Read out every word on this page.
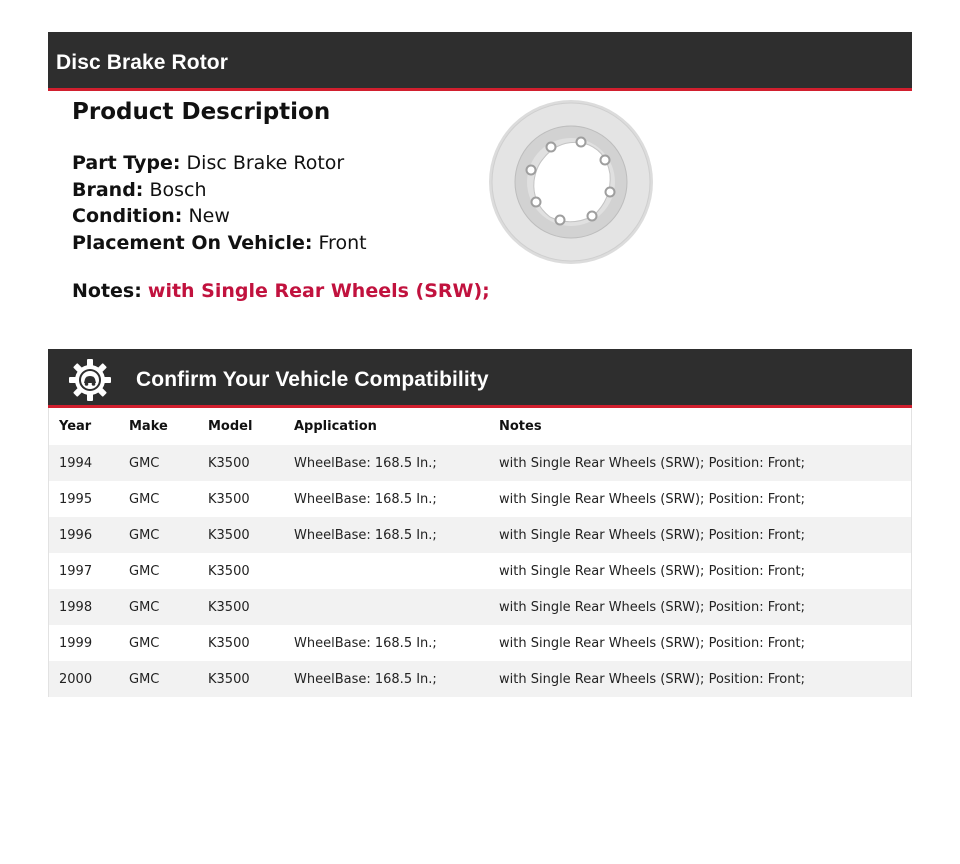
Disc Brake Rotor
Product Description
Part Type: Disc Brake Rotor
Brand: Bosch
Condition: New
Placement On Vehicle: Front
Notes: with Single Rear Wheels (SRW);
Confirm Your Vehicle Compatibility
Year	Make	Model	Application	Notes
1994	GMC	K3500	WheelBase: 168.5 In.;	with Single Rear Wheels (SRW); Position: Front;
1995	GMC	K3500	WheelBase: 168.5 In.;	with Single Rear Wheels (SRW); Position: Front;
1996	GMC	K3500	WheelBase: 168.5 In.;	with Single Rear Wheels (SRW); Position: Front;
1997	GMC	K3500		with Single Rear Wheels (SRW); Position: Front;
1998	GMC	K3500		with Single Rear Wheels (SRW); Position: Front;
1999	GMC	K3500	WheelBase: 168.5 In.;	with Single Rear Wheels (SRW); Position: Front;
2000	GMC	K3500	WheelBase: 168.5 In.;	with Single Rear Wheels (SRW); Position: Front;
